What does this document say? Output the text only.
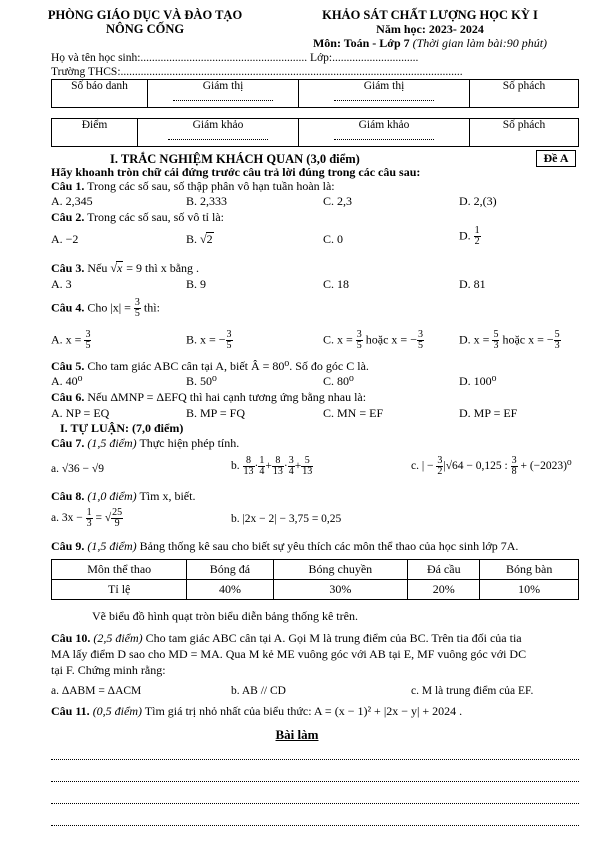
PHÒNG GIÁO DỤC VÀ ĐÀO TẠO
NÔNG CỐNG
KHẢO SÁT CHẤT LƯỢNG HỌC KỲ I
Năm học: 2023- 2024
Môn: Toán - Lớp 7 (Thời gian làm bài:90 phút)
Họ và tên học sinh:.......................................................... Lớp:..............................
Trường THCS:.......................................................................................................................
Số báo danh	Giám thị	Giám thị	Số phách
Điểm	Giám khảo	Giám khảo	Số phách
I. TRẮC NGHIỆM KHÁCH QUAN (3,0 điểm)	Đề A
Hãy khoanh tròn chữ cái đứng trước câu trả lời đúng trong các câu sau:
Câu 1. Trong các số sau, số thập phân vô hạn tuần hoàn là:
A. 2,345	B. 2,333	C. 2,3	D. 2,(3)
Câu 2. Trong các số sau, số vô tỉ là:
A. −2	B. √2	C. 0	D. $\frac{1}{2}$
Câu 3. Nếu √x = 9 thì x bằng .
A. 3	B. 9	C. 18	D. 81
Câu 4. Cho $|x| = \frac{3}{5}$ thì:
A. $x = \frac{3}{5}$	B. x = − $\frac{3}{5}$	C. $x = \frac{3}{5}$ hoặc x = − $\frac{3}{5}$	D. $x = \frac{5}{3}$ hoặc x = − $\frac{5}{3}$
Câu 5. Cho tam giác ABC cân tại A, biết Â = 80⁰. Số đo góc C là.
A. 40⁰	B. 50⁰	C. 80⁰	D. 100⁰
Câu 6. Nếu ΔMNP = ΔEFQ thì hai cạnh tương ứng bằng nhau là:
A. NP = EQ	B. MP = FQ	C. MN = EF	D. MP = EF
I. TỰ LUẬN: (7,0 điểm)
Câu 7. (1,5 điểm) Thực hiện phép tính.
a. √36 − √9	b. $\frac{8}{13} \cdot \frac{1}{4} + \frac{8}{13} \cdot \frac{3}{4} + \frac{5}{13}$	c. | − $\frac{3}{2} |√64 - 0,125$ : $\frac{3}{8} + (-2023)^0$
Câu 8. (1,0 điểm) Tìm x, biết.
a. $3x - \frac{1}{3}$ = √ $\frac{25}{9}$	b. |2x − 2| − 3,75 = 0,25
Câu 9. (1,5 điểm) Bảng thống kê sau cho biết sự yêu thích các môn thể thao của học sinh lớp 7A.
Môn thể thao	Bóng đá	Bóng chuyền	Đá cầu	Bóng bàn
Tỉ lệ	40%	30%	20%	10%
Vẽ biểu đồ hình quạt tròn biểu diễn bảng thống kê trên.
Câu 10. (2,5 điểm) Cho tam giác ABC cân tại A. Gọi M là trung điểm của BC. Trên tia đối của tia
MA lấy điểm D sao cho MD = MA. Qua M kẻ ME vuông góc với AB tại E, MF vuông góc với DC
tại F. Chứng minh rằng:
a. ΔABM = ΔACM	b. AB // CD	c. M là trung điểm của EF.
Câu 11. (0,5 điểm) Tìm giá trị nhỏ nhất của biểu thức: A = (x − 1)² + |2x − y| + 2024 .
Bài làm
